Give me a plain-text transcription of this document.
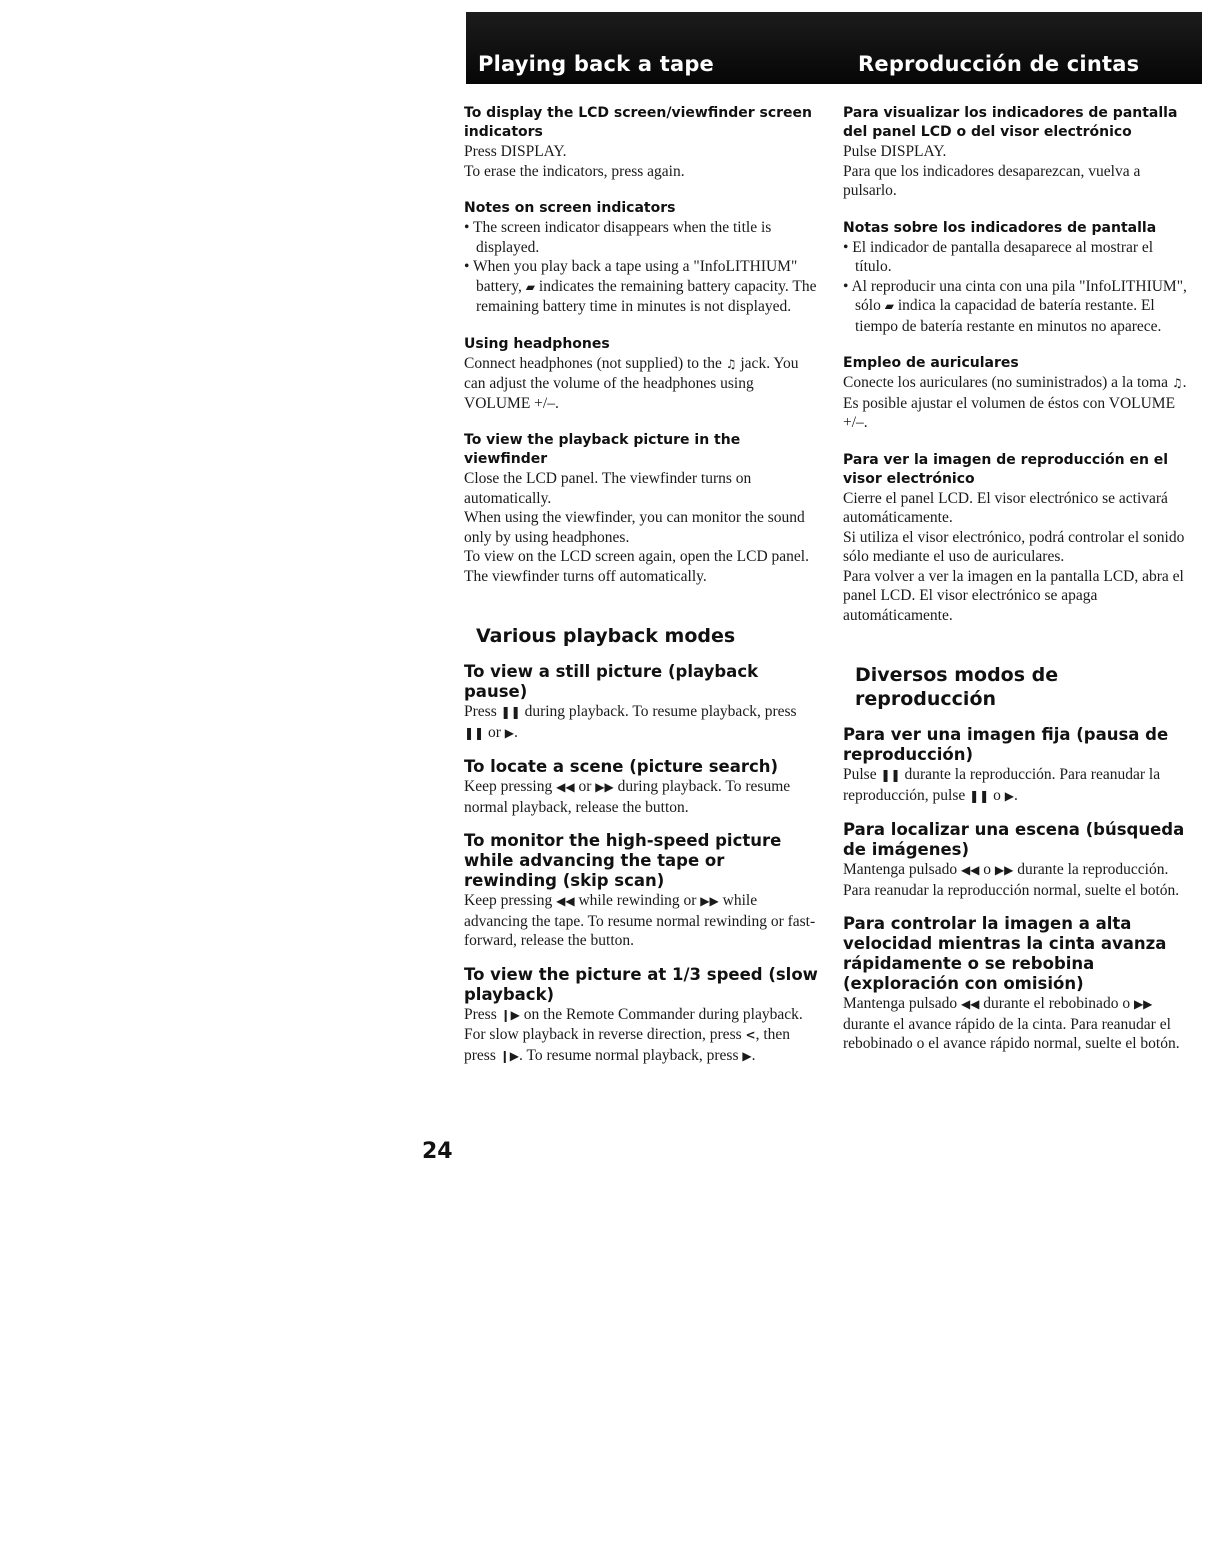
Playing back a tape	Reproducción de cintas

To display the LCD screen/viewfinder screen indicators

Press DISPLAY.

To erase the indicators, press again.

Notes on screen indicators

• The screen indicator disappears when the title is displayed.

• When you play back a tape using a "InfoLITHIUM" battery, ▰ indicates the remaining battery capacity. The remaining battery time in minutes is not displayed.

Using headphones

Connect headphones (not supplied) to the ♫ jack. You can adjust the volume of the headphones using VOLUME +/–.

To view the playback picture in the viewfinder

Close the LCD panel. The viewfinder turns on automatically.

When using the viewfinder, you can monitor the sound only by using headphones.

To view on the LCD screen again, open the LCD panel. The viewfinder turns off automatically.

Various playback modes

To view a still picture (playback pause)

Press ❚❚ during playback. To resume playback, press ❚❚ or ▶.

To locate a scene (picture search)

Keep pressing ◀◀ or ▶▶ during playback. To resume normal playback, release the button.

To monitor the high-speed picture while advancing the tape or rewinding (skip scan)

Keep pressing ◀◀ while rewinding or ▶▶ while advancing the tape. To resume normal rewinding or fast-forward, release the button.

To view the picture at 1/3 speed (slow playback)

Press ❙▶ on the Remote Commander during playback. For slow playback in reverse direction, press <, then press ❙▶. To resume normal playback, press ▶.

Para visualizar los indicadores de pantalla del panel LCD o del visor electrónico

Pulse DISPLAY.

Para que los indicadores desaparezcan, vuelva a pulsarlo.

Notas sobre los indicadores de pantalla

• El indicador de pantalla desaparece al mostrar el título.

• Al reproducir una cinta con una pila "InfoLITHIUM", sólo ▰ indica la capacidad de batería restante. El tiempo de batería restante en minutos no aparece.

Empleo de auriculares

Conecte los auriculares (no suministrados) a la toma ♫. Es posible ajustar el volumen de éstos con VOLUME +/–.

Para ver la imagen de reproducción en el visor electrónico

Cierre el panel LCD. El visor electrónico se activará automáticamente.

Si utiliza el visor electrónico, podrá controlar el sonido sólo mediante el uso de auriculares.

Para volver a ver la imagen en la pantalla LCD, abra el panel LCD. El visor electrónico se apaga automáticamente.

Diversos modos de reproducción

Para ver una imagen fija (pausa de reproducción)

Pulse ❚❚ durante la reproducción. Para reanudar la reproducción, pulse ❚❚ o ▶.

Para localizar una escena (búsqueda de imágenes)

Mantenga pulsado ◀◀ o ▶▶ durante la reproducción. Para reanudar la reproducción normal, suelte el botón.

Para controlar la imagen a alta velocidad mientras la cinta avanza rápidamente o se rebobina (exploración con omisión)

Mantenga pulsado ◀◀ durante el rebobinado o ▶▶ durante el avance rápido de la cinta. Para reanudar el rebobinado o el avance rápido normal, suelte el botón.

24
